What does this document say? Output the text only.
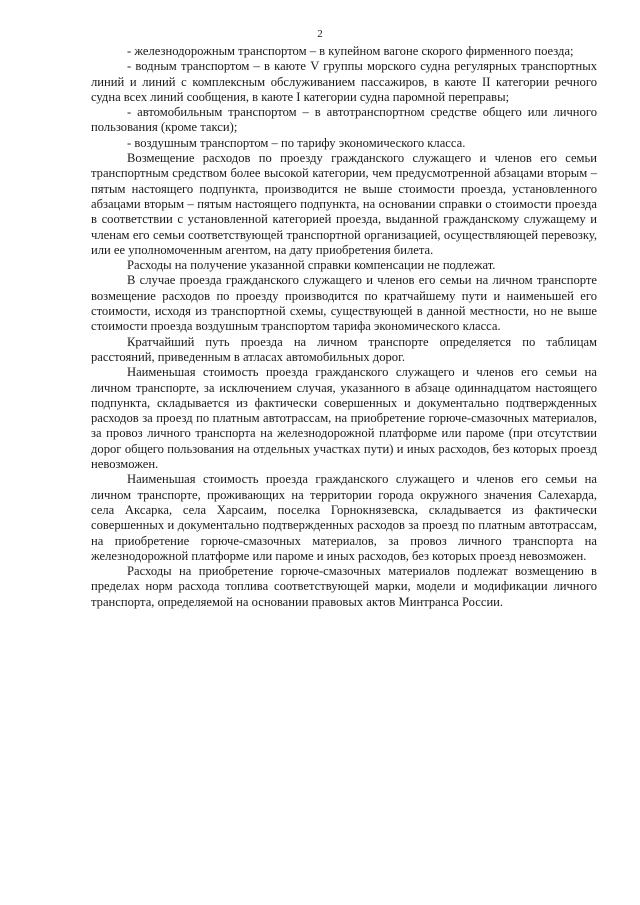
2

- железнодорожным транспортом – в купейном вагоне скорого фирменного поезда;

- водным транспортом – в каюте V группы морского судна регулярных транспортных линий и линий с комплексным обслуживанием пассажиров, в каюте II категории речного судна всех линий сообщения, в каюте I категории судна паромной переправы;

- автомобильным транспортом – в автотранспортном средстве общего или личного пользования (кроме такси);

- воздушным транспортом – по тарифу экономического класса.

Возмещение расходов по проезду гражданского служащего и членов его семьи транспортным средством более высокой категории, чем предусмотренной абзацами вторым – пятым настоящего подпункта, производится не выше стоимости проезда, установленного абзацами вторым – пятым настоящего подпункта, на основании справки о стоимости проезда в соответствии с установленной категорией проезда, выданной гражданскому служащему и членам его семьи соответствующей транспортной организацией, осуществляющей перевозку, или ее уполномоченным агентом, на дату приобретения билета.

Расходы на получение указанной справки компенсации не подлежат.

В случае проезда гражданского служащего и членов его семьи на личном транспорте возмещение расходов по проезду производится по кратчайшему пути и наименьшей его стоимости, исходя из транспортной схемы, существующей в данной местности, но не выше стоимости проезда воздушным транспортом тарифа экономического класса.

Кратчайший путь проезда на личном транспорте определяется по таблицам расстояний, приведенным в атласах автомобильных дорог.

Наименьшая стоимость проезда гражданского служащего и членов его семьи на личном транспорте, за исключением случая, указанного в абзаце одиннадцатом настоящего подпункта, складывается из фактически совершенных и документально подтвержденных расходов за проезд по платным автотрассам, на приобретение горюче-смазочных материалов, за провоз личного транспорта на железнодорожной платформе или пароме (при отсутствии дорог общего пользования на отдельных участках пути) и иных расходов, без которых проезд невозможен.

Наименьшая стоимость проезда гражданского служащего и членов его семьи на личном транспорте, проживающих на территории города окружного значения Салехарда, села Аксарка, села Харсаим, поселка Горнокнязевска, складывается из фактически совершенных и документально подтвержденных расходов за проезд по платным автотрассам, на приобретение горюче-смазочных материалов, за провоз личного транспорта на железнодорожной платформе или пароме и иных расходов, без которых проезд невозможен.

Расходы на приобретение горюче-смазочных материалов подлежат возмещению в пределах норм расхода топлива соответствующей марки, модели и модификации личного транспорта, определяемой на основании правовых актов Минтранса России.
